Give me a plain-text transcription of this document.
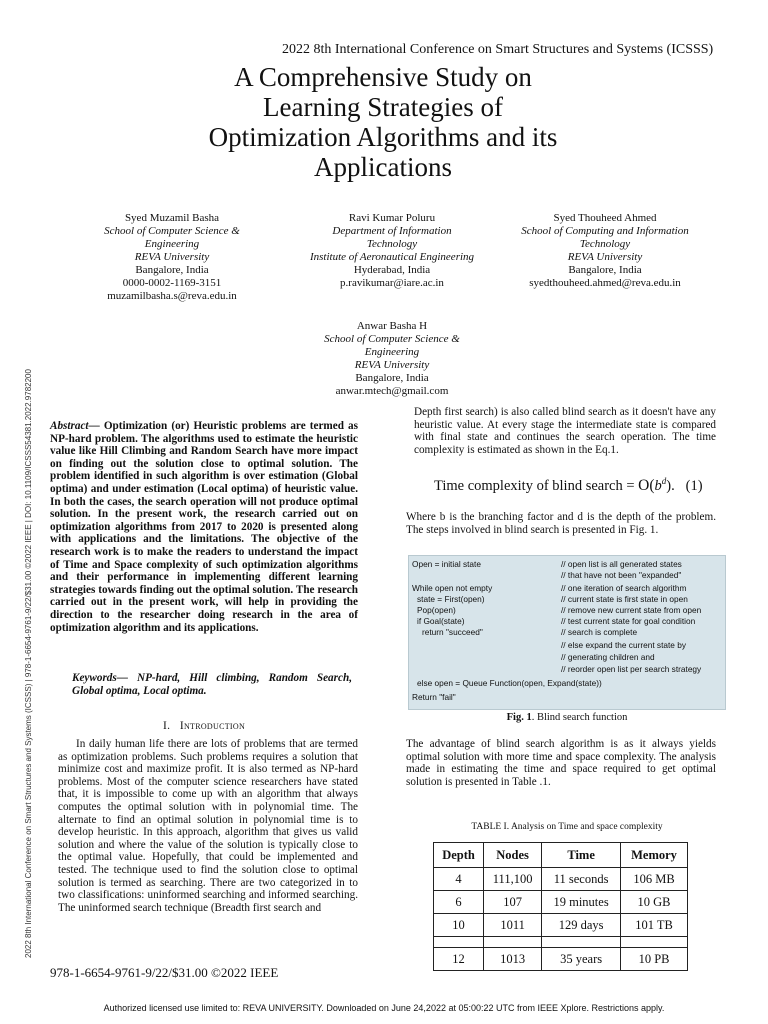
2022 8th International Conference on Smart Structures and Systems (ICSSS)
A Comprehensive Study on
Learning Strategies of
Optimization Algorithms and its
Applications
Syed Muzamil Basha
School of Computer Science &
Engineering
REVA University
Bangalore, India
0000-0002-1169-3151
muzamilbasha.s@reva.edu.in
Ravi Kumar Poluru
Department of Information
Technology
Institute of Aeronautical Engineering
Hyderabad, India
p.ravikumar@iare.ac.in
Syed Thouheed Ahmed
School of Computing and Information
Technology
REVA University
Bangalore, India
syedthouheed.ahmed@reva.edu.in
Anwar Basha H
School of Computer Science &
Engineering
REVA University
Bangalore, India
anwar.mtech@gmail.com
2022 8th International Conference on Smart Structures and Systems (ICSSS) | 978-1-6654-9761-9/22/$31.00 ©2022 IEEE | DOI: 10.1109/ICSSS54381.2022.9782200 Abstract— Optimization (or) Heuristic problems are termed as NP-hard problem. The algorithms used to estimate the heuristic value like Hill Climbing and Random Search have more impact on finding out the solution close to optimal solution. The problem identified in such algorithm is over estimation (Global optima) and under estimation (Local optima) of heuristic value. In both the cases, the search operation will not produce optimal solution. In the present work, the research carried out on optimization algorithms from 2017 to 2020 is presented along with applications and the limitations. The objective of the research work is to make the readers to understand the impact of Time and Space complexity of such optimization algorithms and their performance in implementing different learning strategies towards finding out the optimal solution. The research carried out in the present work, will help in providing the direction to the researcher doing research in the area of optimization algorithm and its applications.
Keywords— NP-hard, Hill climbing, Random Search, Global optima, Local optima.
I. Introduction
In daily human life there are lots of problems that are termed as optimization problems. Such problems requires a solution that minimize cost and maximize profit. It is also termed as NP-hard problems. Most of the computer science researchers have stated that, it is impossible to come up with an algorithm that always computes the optimal solution with in polynomial time. The alternate to find an optimal solution in polynomial time is to develop heuristic. In this approach, algorithm that gives us valid solution and where the value of the solution is typically close to the optimal value. Hopefully, that could be implemented and tested. The technique used to find the solution close to optimal solution is termed as searching. There are two categorized in to two classifications: uninformed searching and informed searching. The uninformed search technique (Breadth first search and
Depth first search) is also called blind search as it doesn't have any heuristic value. At every stage the intermediate state is compared with final state and continues the search operation. The time complexity is estimated as shown in the Eq.1.
Time complexity of blind search = $O(b^d)$. (1)
Where b is the branching factor and d is the depth of the problem. The steps involved in blind search is presented in Fig. 1.
Open = initial state	// open list is all generated states
// that have not been "expanded"
While open not empty	// one iteration of search algorithm
state = First(open)	// current state is first state in open
Pop(open)	// remove new current state from open
if Goal(state)	// test current state for goal condition
return "succeed"	// search is complete
// else expand the current state by
// generating children and
// reorder open list per search strategy
else open = Queue Function(open, Expand(state))
Return "fail"
Fig. 1. Blind search function
The advantage of blind search algorithm is as it always yields optimal solution with more time and space complexity. The analysis made in estimating the time and space required to get optimal solution is presented in Table .1.
TABLE I. Analysis on Time and space complexity
Depth	Nodes	Time	Memory
4	111,100	11 seconds	106 MB
6	107	19 minutes	10 GB
10	1011	129 days	101 TB

12	1013	35 years	10 PB
978-1-6654-9761-9/22/$31.00 ©2022 IEEE
Authorized licensed use limited to: REVA UNIVERSITY. Downloaded on June 24,2022 at 05:00:22 UTC from IEEE Xplore. Restrictions apply.
